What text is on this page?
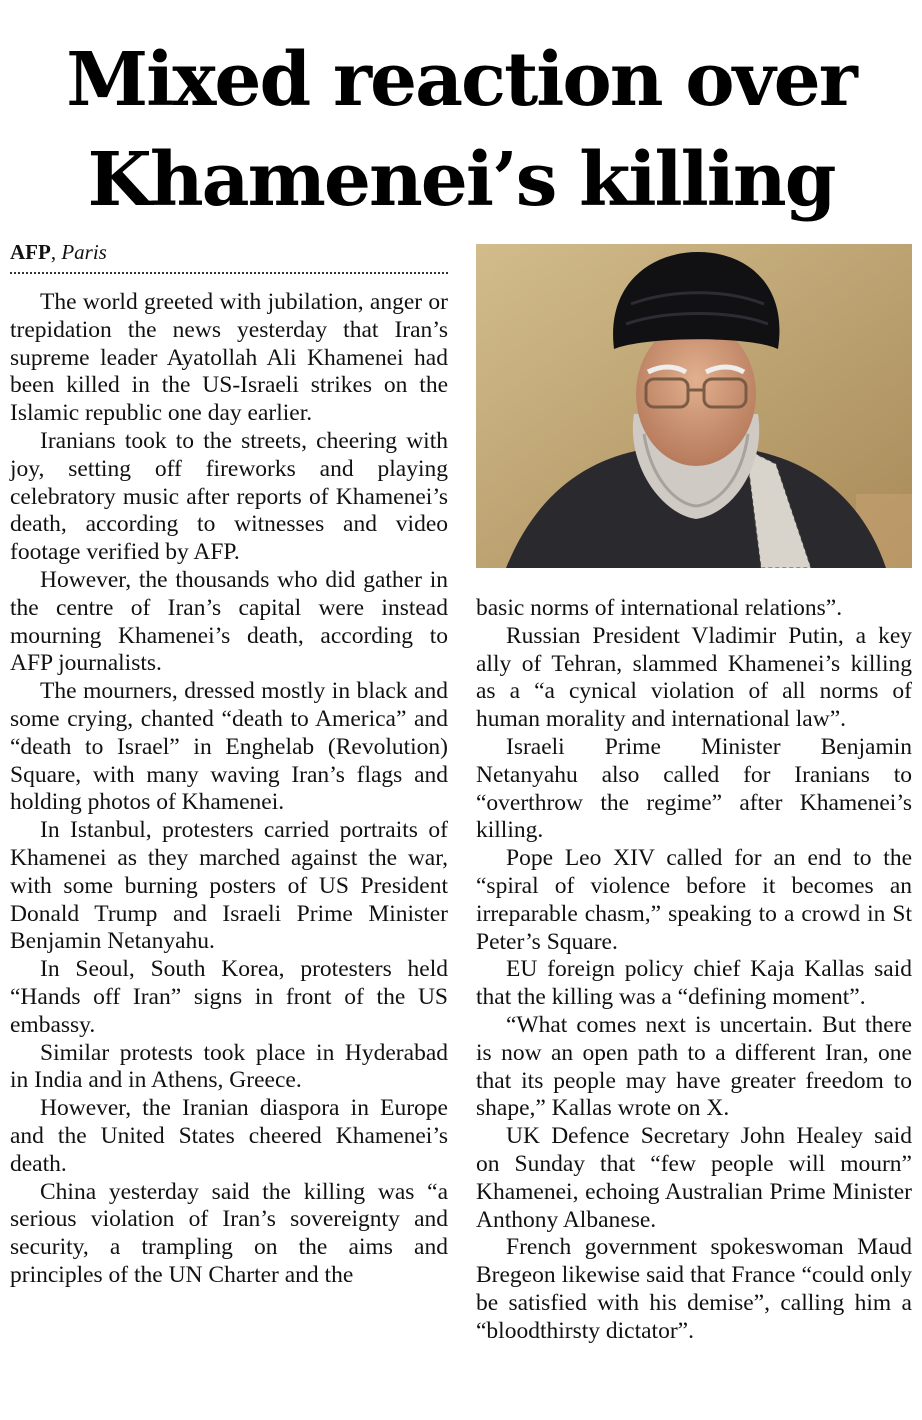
Mixed reaction over
Khamenei’s killing
AFP, Paris

The world greeted with jubilation, anger or trepidation the news yesterday that Iran’s supreme leader Ayatollah Ali Khamenei had been killed in the US-Israeli strikes on the Islamic republic one day earlier.

Iranians took to the streets, cheering with joy, setting off fireworks and playing celebratory music after reports of Khamenei’s death, according to witnesses and video footage verified by AFP.

However, the thousands who did gather in the centre of Iran’s capital were instead mourning Khamenei’s death, according to AFP journalists.

The mourners, dressed mostly in black and some crying, chanted “death to America” and “death to Israel” in Enghelab (Revolution) Square, with many waving Iran’s flags and holding photos of Khamenei.

In Istanbul, protesters carried portraits of Khamenei as they marched against the war, with some burning posters of US President Donald Trump and Israeli Prime Minister Benjamin Netanyahu.

In Seoul, South Korea, protesters held “Hands off Iran” signs in front of the US embassy.

Similar protests took place in Hyderabad in India and in Athens, Greece.

However, the Iranian diaspora in Europe and the United States cheered Khamenei’s death.

China yesterday said the killing was “a serious violation of Iran’s sovereignty and security, a trampling on the aims and principles of the UN Charter and the

basic norms of international relations”.

Russian President Vladimir Putin, a key ally of Tehran, slammed Khamenei’s killing as a “a cynical violation of all norms of human morality and international law”.

Israeli Prime Minister Benjamin Netanyahu also called for Iranians to “overthrow the regime” after Khamenei’s killing.

Pope Leo XIV called for an end to the “spiral of violence before it becomes an irreparable chasm,” speaking to a crowd in St Peter’s Square.

EU foreign policy chief Kaja Kallas said that the killing was a “defining moment”.

“What comes next is uncertain. But there is now an open path to a different Iran, one that its people may have greater freedom to shape,” Kallas wrote on X.

UK Defence Secretary John Healey said on Sunday that “few people will mourn” Khamenei, echoing Australian Prime Minister Anthony Albanese.

French government spokeswoman Maud Bregeon likewise said that France “could only be satisfied with his demise”, calling him a “bloodthirsty dictator”.
